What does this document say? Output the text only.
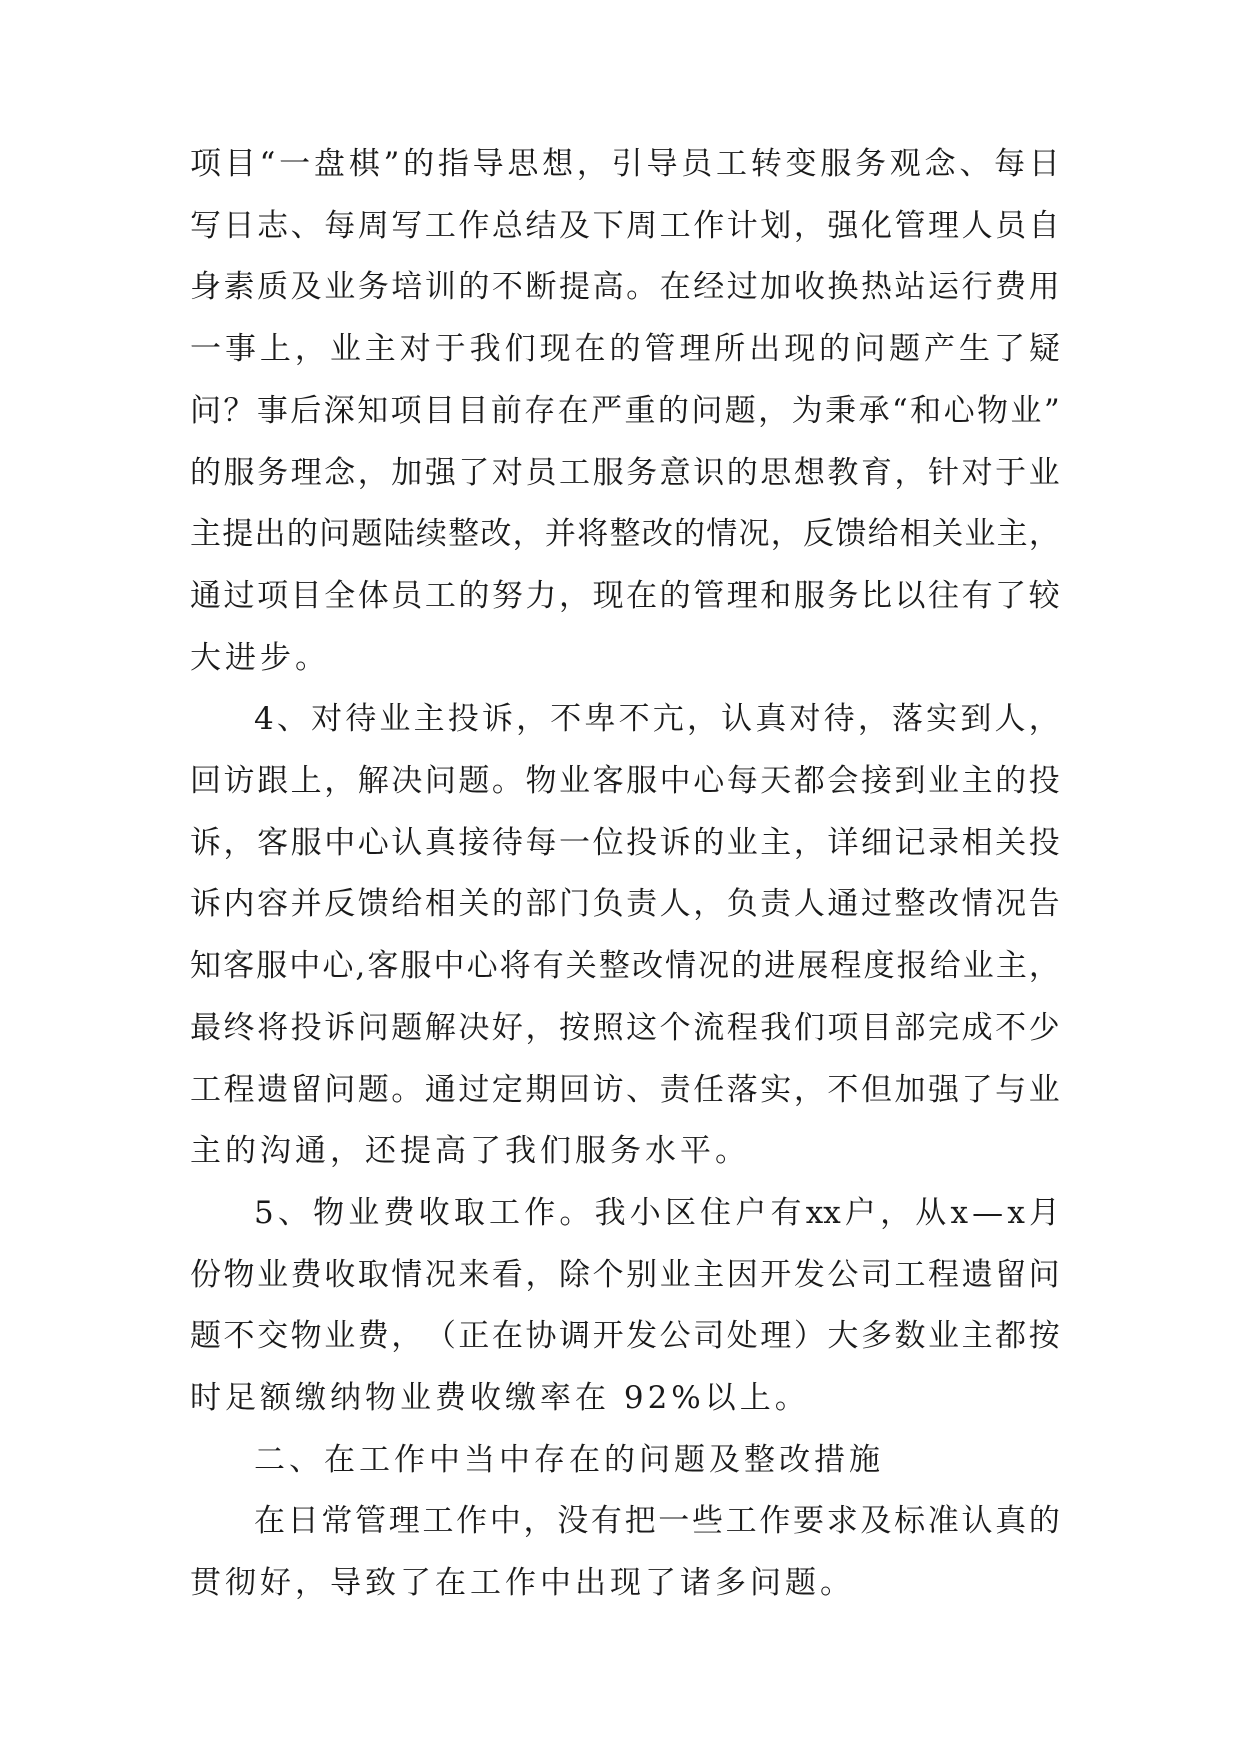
项 目 “ 一 盘 棋 ” 的 指 导 思 想 ， 引 导 员 工 转 变 服 务 观 念 、 每 日
写 日 志 、 每 周 写 工 作 总 结 及 下 周 工 作 计 划 ， 强 化 管 理 人 员 自
身 素 质 及 业 务 培 训 的 不 断 提 高 。 在 经 过 加 收 换 热 站 运 行 费 用
一 事 上 ， 业 主 对 于 我 们 现 在 的 管 理 所 出 现 的 问 题 产 生 了 疑
问 ？ 事 后 深 知 项 目 目 前 存 在 严 重 的 问 题 ， 为 秉 承 “ 和 心 物 业 ”
的 服 务 理 念 ， 加 强 了 对 员 工 服 务 意 识 的 思 想 教 育 ， 针 对 于 业
主 提 出 的 问 题 陆 续 整 改 ， 并 将 整 改 的 情 况 ， 反 馈 给 相 关 业 主 ，
通 过 项 目 全 体 员 工 的 努 力 ， 现 在 的 管 理 和 服 务 比 以 往 有 了 较
大进步。
4 、 对 待 业 主 投 诉 ， 不 卑 不 亢 ， 认 真 对 待 ， 落 实 到 人 ，
回 访 跟 上 ， 解 决 问 题 。 物 业 客 服 中 心 每 天 都 会 接 到 业 主 的 投
诉 ， 客 服 中 心 认 真 接 待 每 一 位 投 诉 的 业 主 ， 详 细 记 录 相 关 投
诉 内 容 并 反 馈 给 相 关 的 部 门 负 责 人 ， 负 责 人 通 过 整 改 情 况 告
知 客 服 中 心 , 客 服 中 心 将 有 关 整 改 情 况 的 进 展 程 度 报 给 业 主 ，
最 终 将 投 诉 问 题 解 决 好 ， 按 照 这 个 流 程 我 们 项 目 部 完 成 不 少
工 程 遗 留 问 题 。 通 过 定 期 回 访 、 责 任 落 实 ， 不 但 加 强 了 与 业
主的沟通，还提高了我们服务水平。
5 、 物 业 费 收 取 工 作 。 我 小 区 住 户 有 xx 户 ， 从 x — x 月
份 物 业 费 收 取 情 况 来 看 ， 除 个 别 业 主 因 开 发 公 司 工 程 遗 留 问
题 不 交 物 业 费 ， （ 正 在 协 调 开 发 公 司 处 理 ） 大 多 数 业 主 都 按
时足额缴纳物业费收缴率在 92%以上。
二、在工作中当中存在的问题及整改措施
在 日 常 管 理 工 作 中 ， 没 有 把 一 些 工 作 要 求 及 标 准 认 真 的
贯彻好，导致了在工作中出现了诸多问题。
